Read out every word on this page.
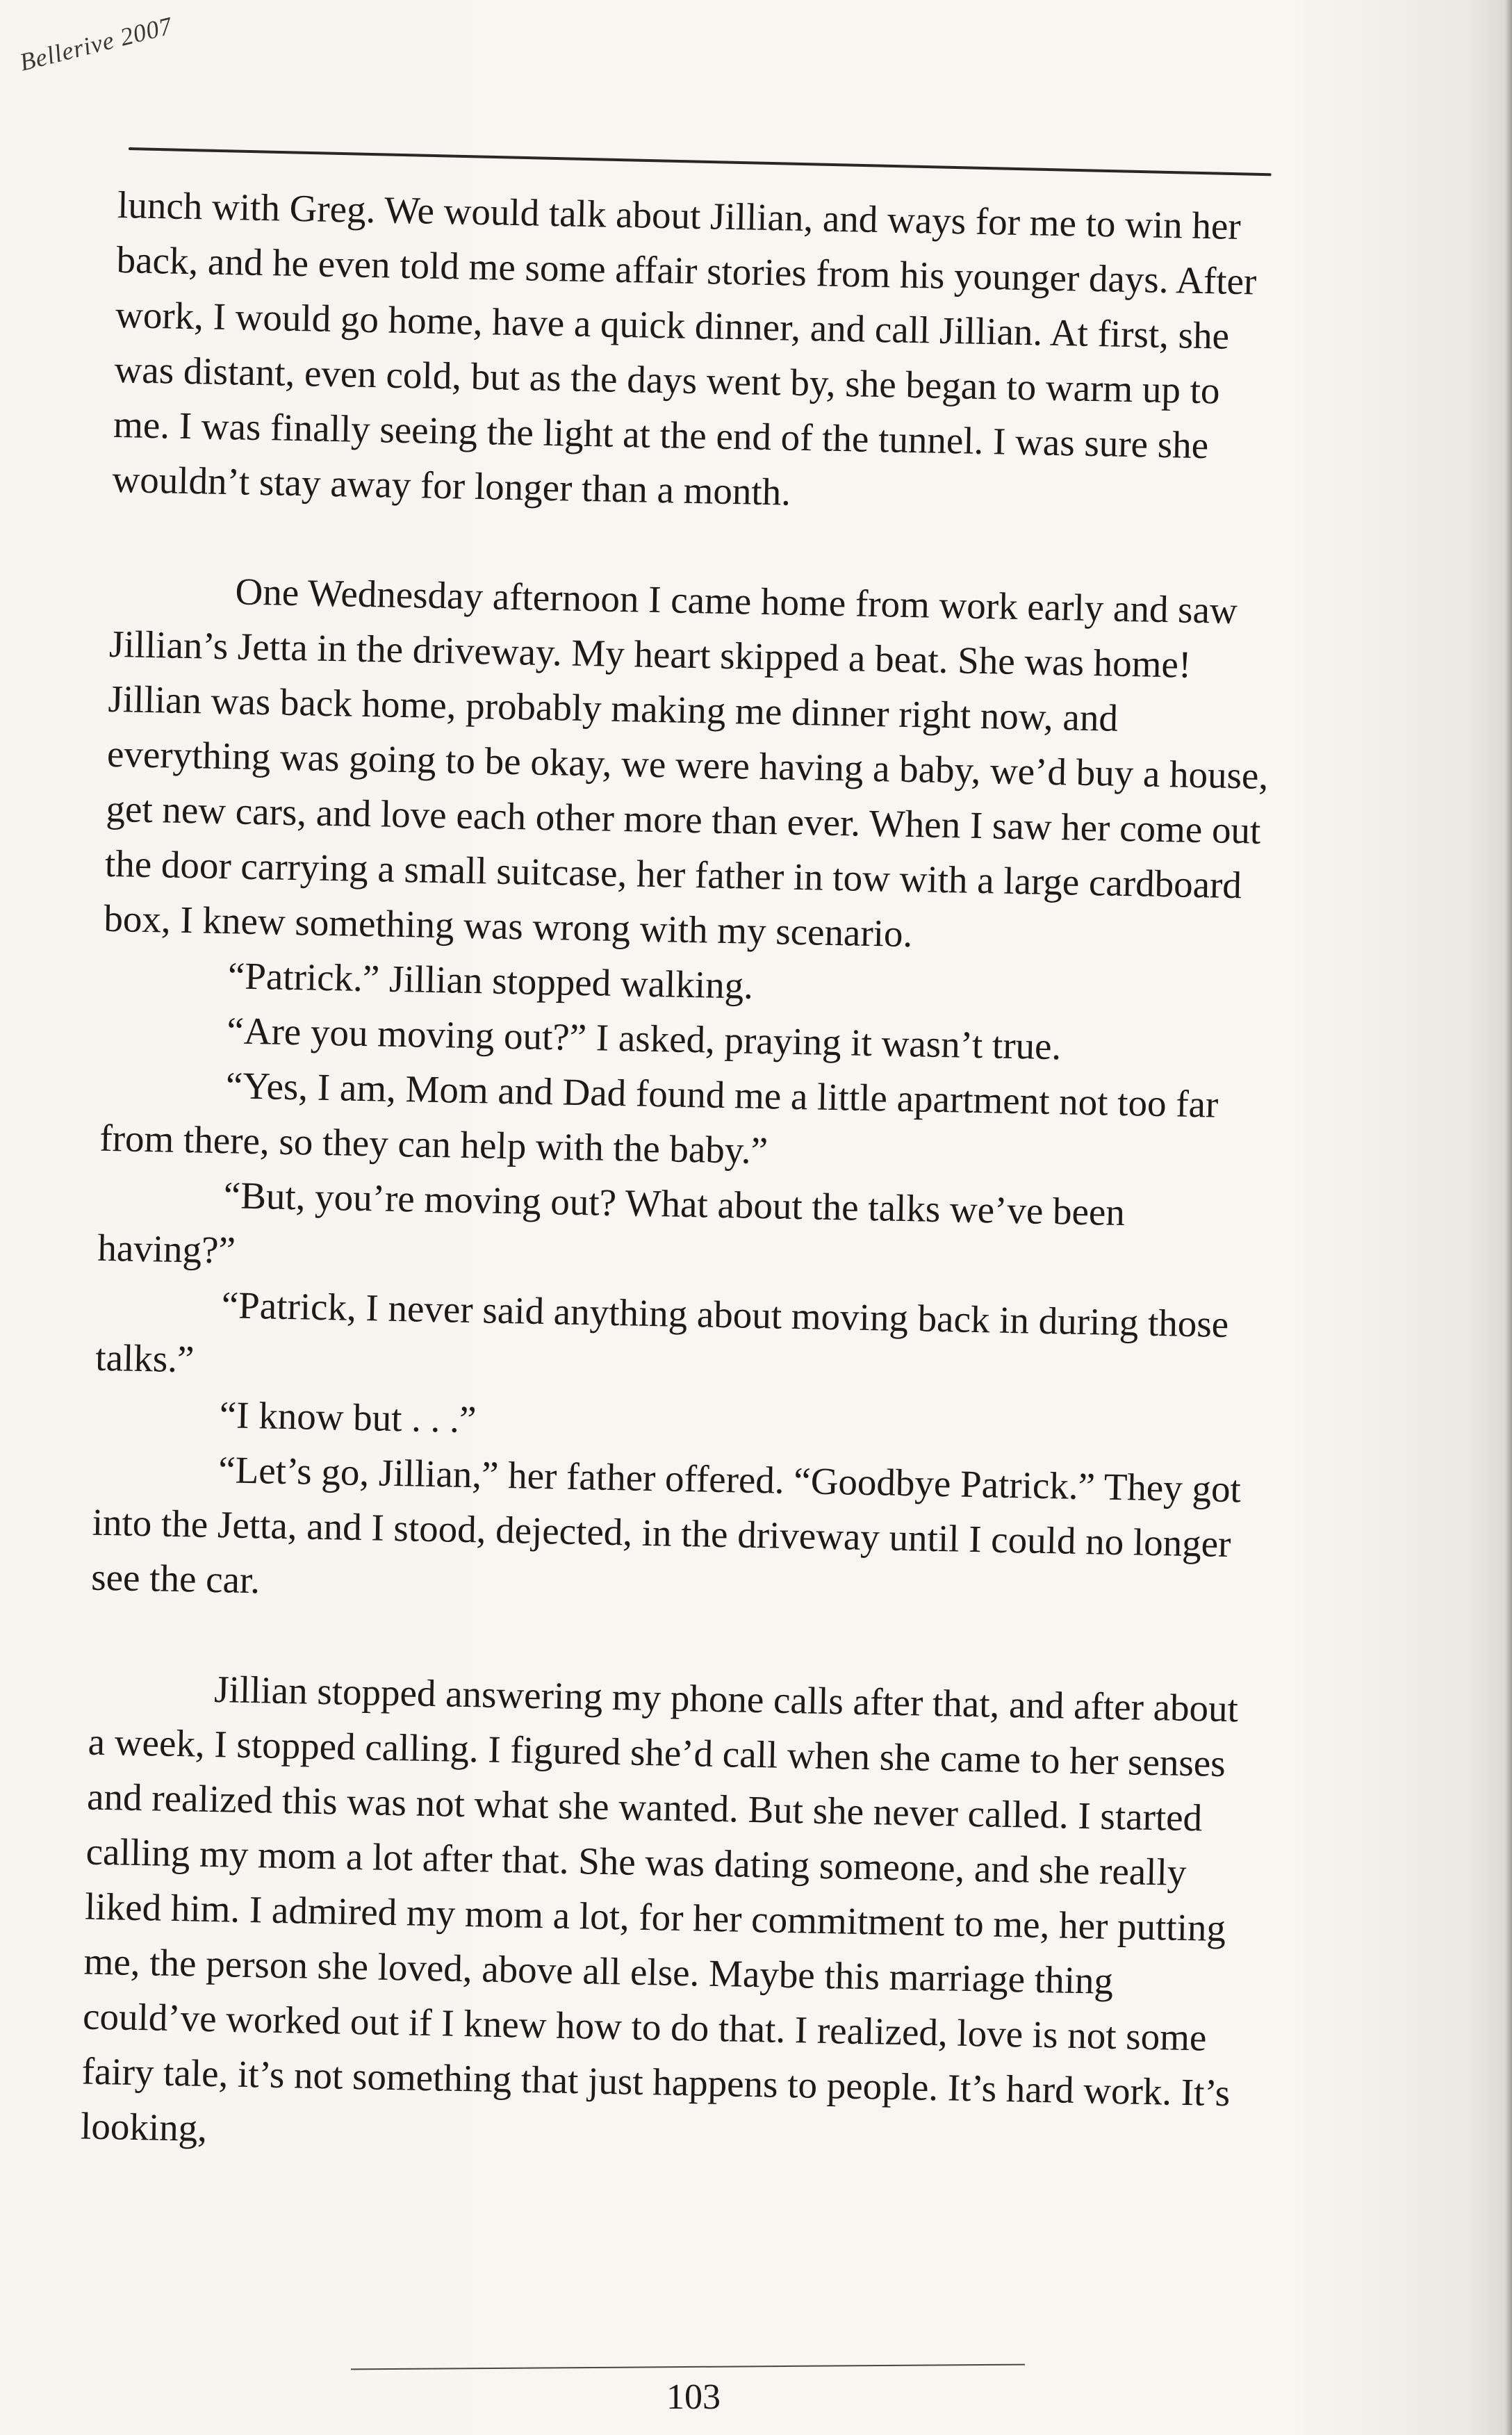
Bellerive 2007

lunch with Greg. We would talk about Jillian, and ways for me to win her back, and he even told me some affair stories from his younger days. After work, I would go home, have a quick dinner, and call Jillian. At first, she was distant, even cold, but as the days went by, she began to warm up to me. I was finally seeing the light at the end of the tunnel. I was sure she wouldn’t stay away for longer than a month.

One Wednesday afternoon I came home from work early and saw Jillian’s Jetta in the driveway. My heart skipped a beat. She was home! Jillian was back home, probably making me dinner right now, and everything was going to be okay, we were having a baby, we’d buy a house, get new cars, and love each other more than ever. When I saw her come out the door carrying a small suitcase, her father in tow with a large cardboard box, I knew something was wrong with my scenario.

“Patrick.” Jillian stopped walking.

“Are you moving out?” I asked, praying it wasn’t true.

“Yes, I am, Mom and Dad found me a little apartment not too far from there, so they can help with the baby.”

“But, you’re moving out? What about the talks we’ve been having?”

“Patrick, I never said anything about moving back in during those talks.”

“I know but . . .”

“Let’s go, Jillian,” her father offered. “Goodbye Patrick.” They got into the Jetta, and I stood, dejected, in the driveway until I could no longer see the car.

Jillian stopped answering my phone calls after that, and after about a week, I stopped calling. I figured she’d call when she came to her senses and realized this was not what she wanted. But she never called. I started calling my mom a lot after that. She was dating someone, and she really liked him. I admired my mom a lot, for her commitment to me, her putting me, the person she loved, above all else. Maybe this marriage thing could’ve worked out if I knew how to do that. I realized, love is not some fairy tale, it’s not something that just happens to people. It’s hard work. It’s looking,

103
